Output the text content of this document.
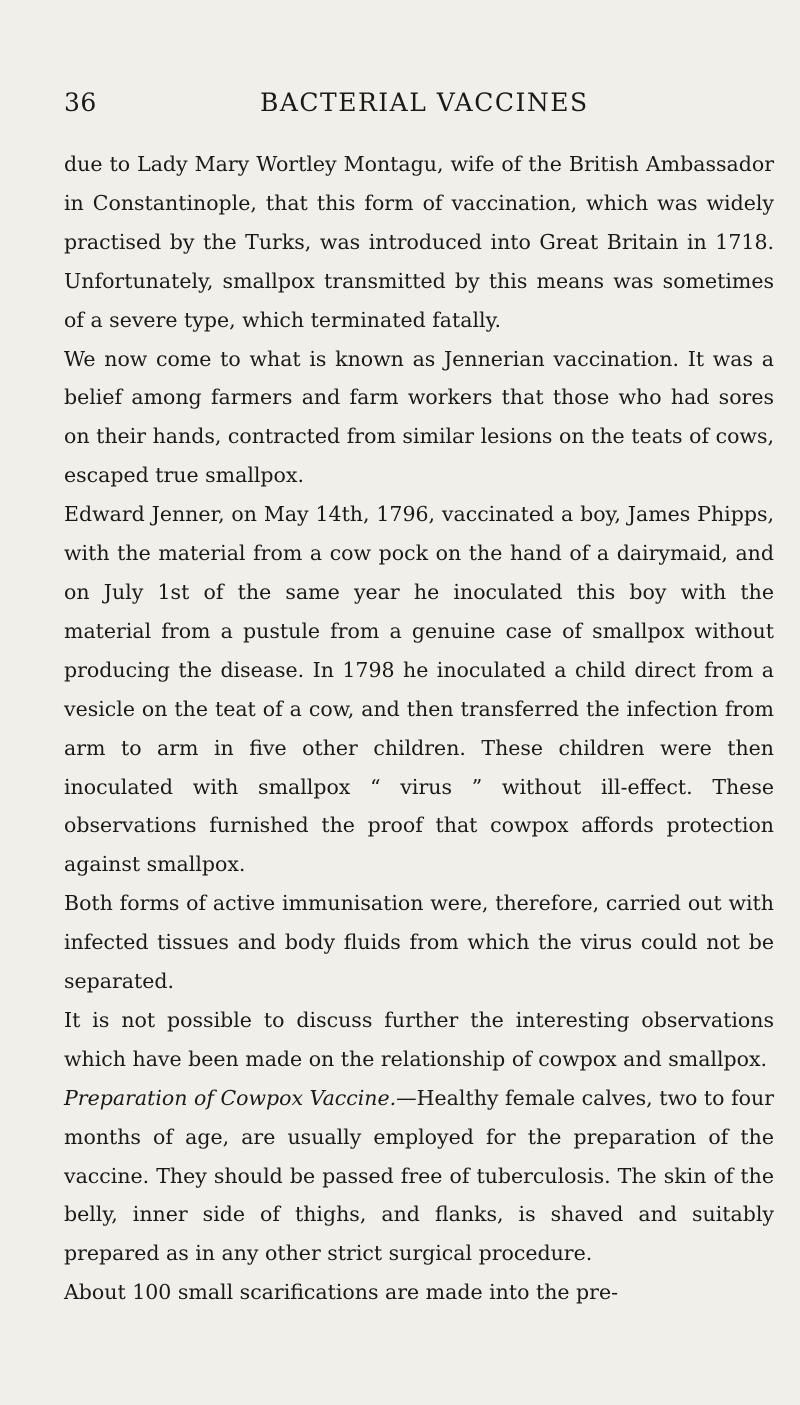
36	BACTERIAL VACCINES

due to Lady Mary Wortley Montagu, wife of the British Ambassador in Constantinople, that this form of vaccination, which was widely practised by the Turks, was introduced into Great Britain in 1718. Unfortunately, smallpox transmitted by this means was sometimes of a severe type, which terminated fatally.

We now come to what is known as Jennerian vaccination. It was a belief among farmers and farm workers that those who had sores on their hands, contracted from similar lesions on the teats of cows, escaped true smallpox.

Edward Jenner, on May 14th, 1796, vaccinated a boy, James Phipps, with the material from a cow pock on the hand of a dairymaid, and on July 1st of the same year he inoculated this boy with the material from a pustule from a genuine case of smallpox without producing the disease. In 1798 he inoculated a child direct from a vesicle on the teat of a cow, and then transferred the infection from arm to arm in five other children. These children were then inoculated with smallpox “ virus ” without ill-effect. These observations furnished the proof that cowpox affords protection against smallpox.

Both forms of active immunisation were, therefore, carried out with infected tissues and body fluids from which the virus could not be separated.

It is not possible to discuss further the interesting observations which have been made on the relationship of cowpox and smallpox.

Preparation of Cowpox Vaccine.—Healthy female calves, two to four months of age, are usually employed for the preparation of the vaccine. They should be passed free of tuberculosis. The skin of the belly, inner side of thighs, and flanks, is shaved and suitably prepared as in any other strict surgical procedure.

About 100 small scarifications are made into the pre-
